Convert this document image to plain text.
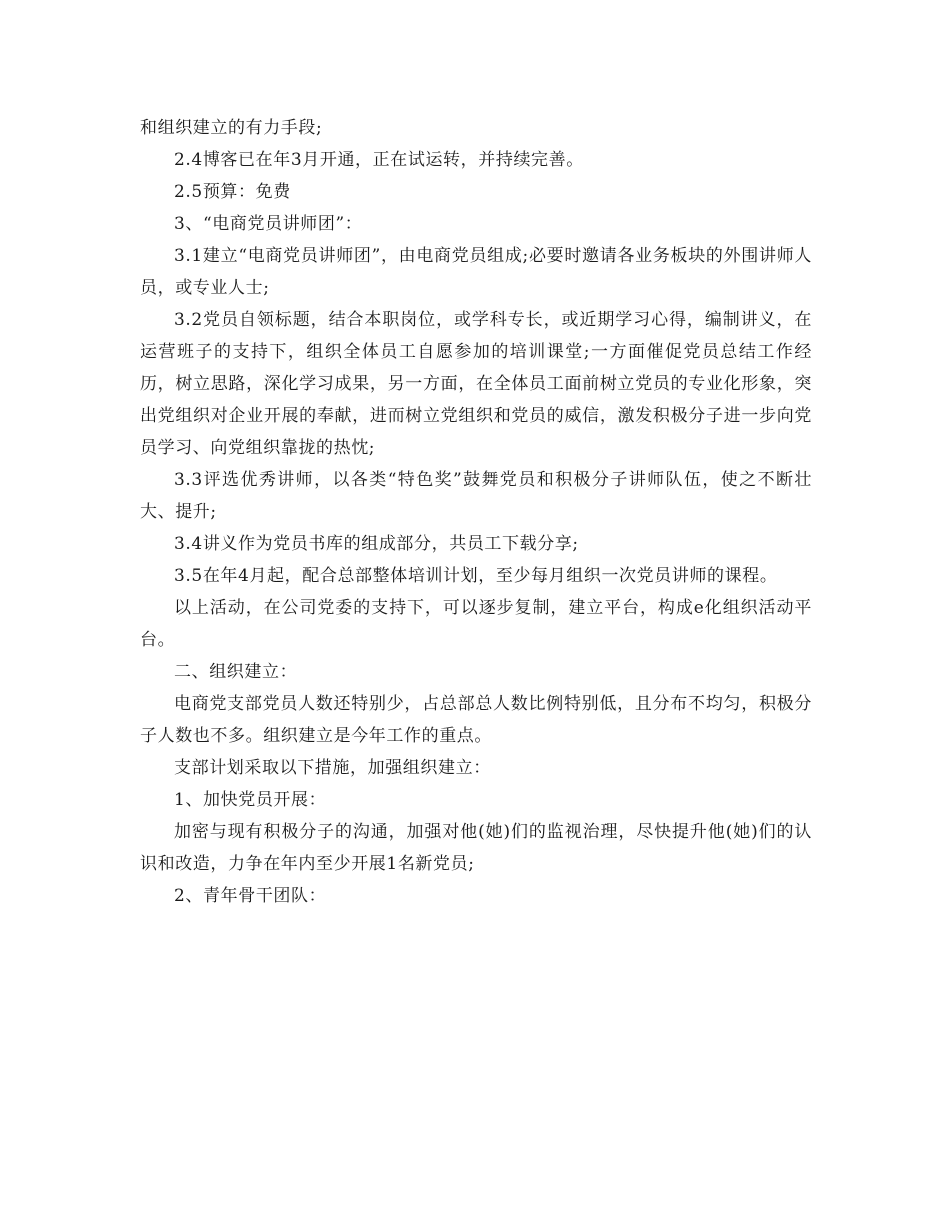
和组织建立的有力手段;

2.4博客已在年3月开通，正在试运转，并持续完善。

2.5预算：免费

3、“电商党员讲师团”：

3.1建立“电商党员讲师团”，由电商党员组成;必要时邀请各业务板块的外围讲师人员，或专业人士;

3.2党员自领标题，结合本职岗位，或学科专长，或近期学习心得，编制讲义，在运营班子的支持下，组织全体员工自愿参加的培训课堂;一方面催促党员总结工作经历，树立思路，深化学习成果，另一方面，在全体员工面前树立党员的专业化形象，突出党组织对企业开展的奉献，进而树立党组织和党员的威信，激发积极分子进一步向党员学习、向党组织靠拢的热忱;

3.3评选优秀讲师，以各类“特色奖”鼓舞党员和积极分子讲师队伍，使之不断壮大、提升;

3.4讲义作为党员书库的组成部分，共员工下载分享;

3.5在年4月起，配合总部整体培训计划，至少每月组织一次党员讲师的课程。

以上活动，在公司党委的支持下，可以逐步复制，建立平台，构成e化组织活动平台。

二、组织建立：

电商党支部党员人数还特别少，占总部总人数比例特别低，且分布不均匀，积极分子人数也不多。组织建立是今年工作的重点。

支部计划采取以下措施，加强组织建立：

1、加快党员开展：

加密与现有积极分子的沟通，加强对他(她)们的监视治理，尽快提升他(她)们的认识和改造，力争在年内至少开展1名新党员;

2、青年骨干团队：
